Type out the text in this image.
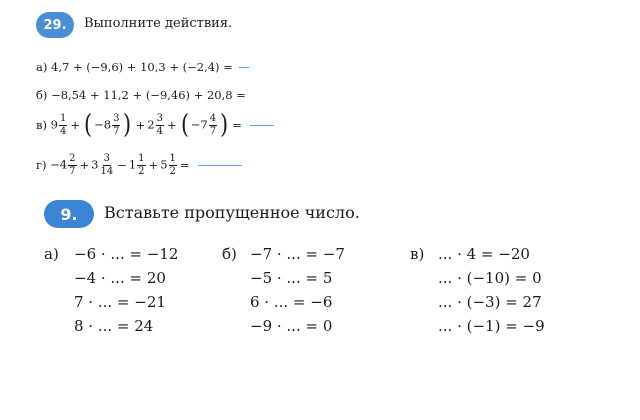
29. Выполните действия.
а)
4,7 + (−9,6) + 10,3 + (−2,4) =
б)
−8,54 + 11,2 + (−9,46) + 20,8 =
в)
$9 \frac{1}{4}$ + ( $-8 \frac{3}{7}$ ) + $2 \frac{3}{4}$ + ( $-7 \frac{4}{7}$ ) =
г)
$-4 \frac{2}{7} + 3 \frac{3}{14} - 1 \frac{1}{2} + 5 \frac{1}{2}$ =
9. Вставьте пропущенное число.
а) −6 · ... = −12
−4 · ... = 20
7 · ... = −21
8 · ... = 24
б) −7 · ... = −7
−5 · ... = 5
6 · ... = −6
−9 · ... = 0
в) ... · 4 = −20
... · (−10) = 0
... · (−3) = 27
... · (−1) = −9
